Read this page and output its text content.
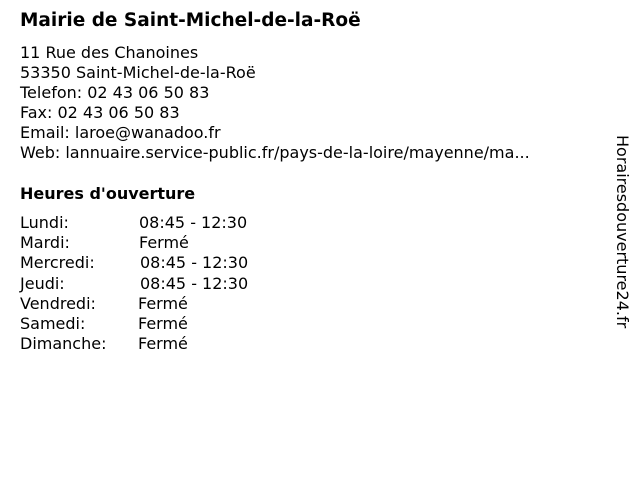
Mairie de Saint-Michel-de-la-Roë
11 Rue des Chanoines
53350 Saint-Michel-de-la-Roë
Telefon: 02 43 06 50 83
Fax: 02 43 06 50 83
Email: laroe@wanadoo.fr
Web: lannuaire.service-public.fr/pays-de-la-loire/mayenne/ma...
Heures d'ouverture
Lundi:	08:45 - 12:30
Mardi:	Fermé
Mercredi:	08:45 - 12:30
Jeudi:	08:45 - 12:30
Vendredi:	Fermé
Samedi:	Fermé
Dimanche: Fermé
Horairesdouverture24.fr
